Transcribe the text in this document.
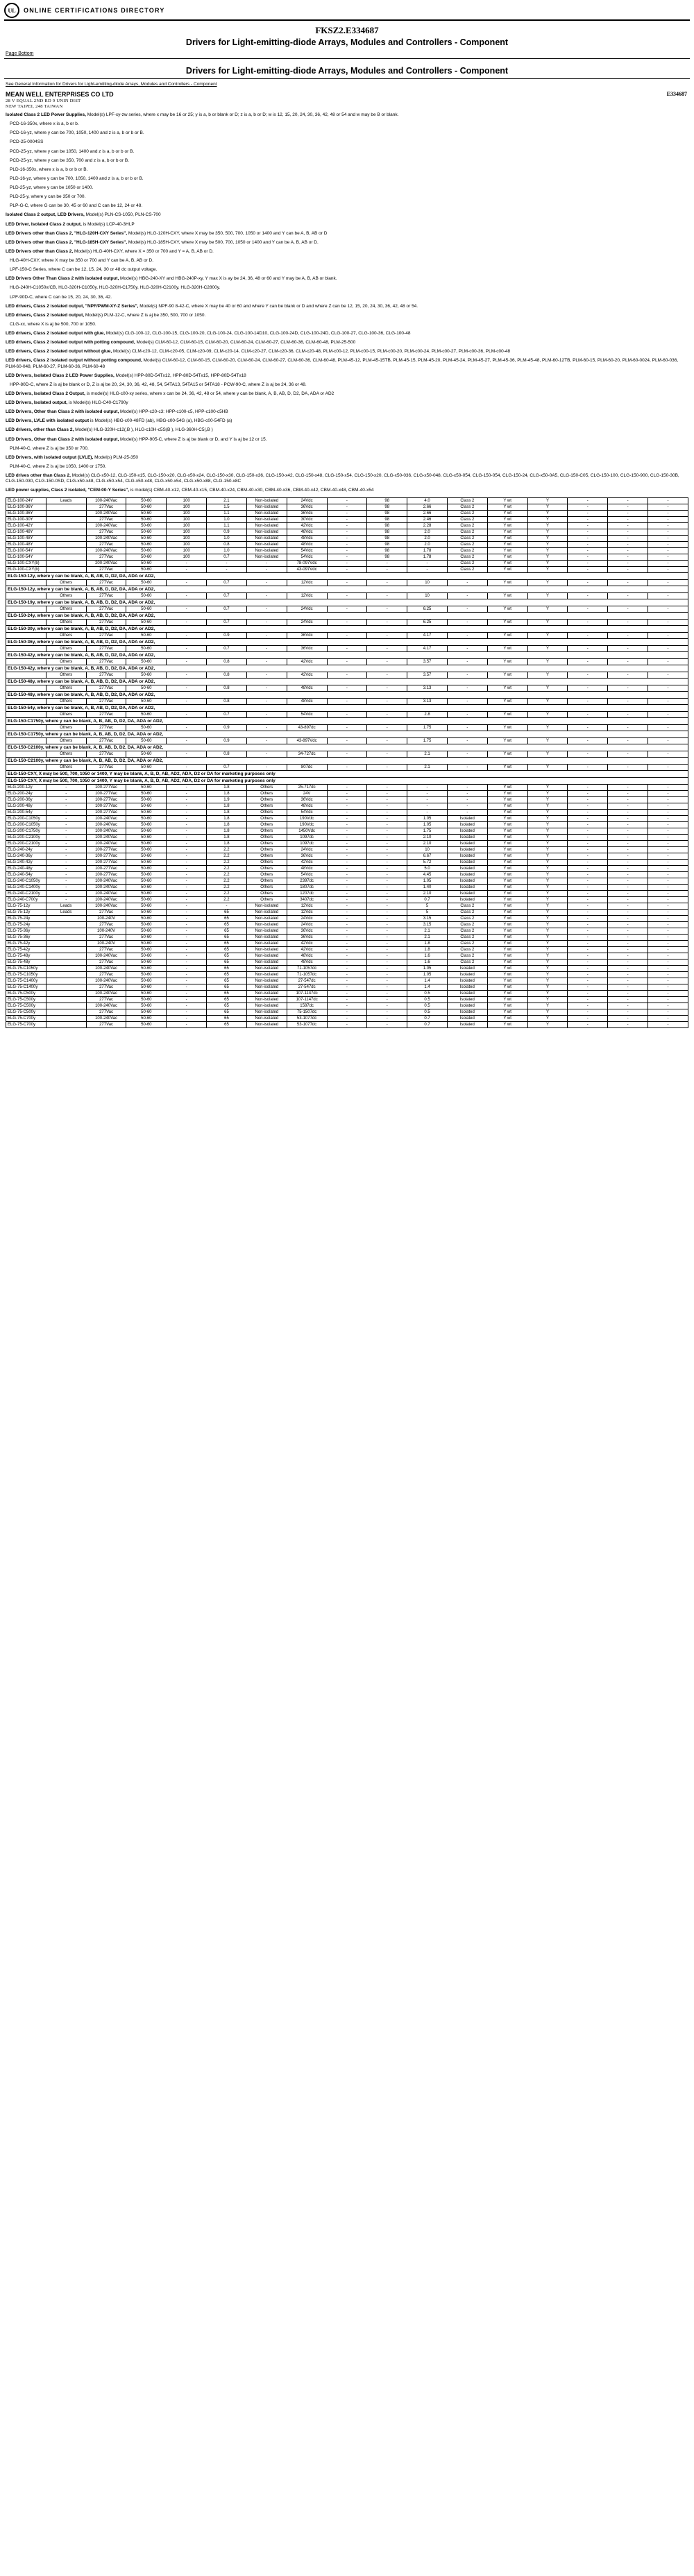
UL	ONLINE CERTIFICATIONS DIRECTORY
FKSZ2.E334687
Drivers for Light-emitting-diode Arrays, Modules and Controllers - Component
Page Bottom
Drivers for Light-emitting-diode Arrays, Modules and Controllers - Component
See General Information for Drivers for Light-emitting-diode Arrays, Modules and Controllers - Component
E334687
MEAN WELL ENTERPRISES CO LTD
28 V EQUAL 2ND RD 9 UNIN DIST
NEW TAIPEI, 248 TAIWAN
Isolated Class 2 LED Power Supplies, Model(s) LPF-xy-zw series, where x may be 16 or 25; y is a, b or blank or D; z is a, b or D; w is 12, 15, 20, 24, 30, 36, 42, 48 or 54 and w may be B or blank.
PCD-16-350x, where x is a, b or b.
PCD-16-yz, where y can be 700, 1050, 1400 and z is a, b or b or B.
PCD-25-0004SS
PCD-25-yz, where y can be 1050, 1400 and z is a, b or b or B.
PCD-25-yz, where y can be 350, 700 and z is a, b or b or B.
PLD-16-350x, where x is a, b or b or B.
PLD-16-yz, where y can be 700, 1050, 1400 and z is a, b or b or B.
PLD-25-yz, where y can be 1050 or 1400.
PLD-25-y, where y can be 350 or 700.
PLP-G-C, where G can be 30, 45 or 60 and C can be 12, 24 or 48.
Isolated Class 2 output, LED Drivers, Model(s) PLN-CS-1050, PLN-CS-700
LED Driver, Isolated Class 2 output, is Model(s) LCP-40-3HLP
LED Drivers other than Class 2, "HLG-120H-CXY Series", Model(s) HLG-120H-CXY, where X may be 350, 500, 700, 1050 or 1400 and Y can be A, B, AB or D
LED Drivers other than Class 2, "HLG-185H-CXY Series", Model(s) HLG-185H-CXY, where X may be 500, 700, 1050 or 1400 and Y can be A, B, AB or D.
LED Drivers other than Class 2, Model(s) HLG-40H-CXY, where X = 350 or 700 and Y = A, B, AB or D.
HLG-40H-CXY, where X may be 350 or 700 and Y can be A, B, AB or D.
LPF-150-C Series, where C can be 12, 15, 24, 30 or 48 dc output voltage.
LED Drivers Other Than Class 2 with isolated output, Model(s) HBG-240-XY and HBG-240P-xy, Y max X is ay be 24, 36, 48 or 60 and Y may be A, B, AB or blank.
HLG-240H-C1050x/CB, HLG-320H-C1050y, HLG-320H-C1750y, HLG-320H-C2100y, HLG-320H-C2800y.
LPF-90D-C, where C can be 15, 20, 24, 30, 36, 42.
LED drivers, Class 2 isolated output, "NPF/PWM-XY-Z Series", Model(s) NPF-90 8-42-C, where X may be 40 or 60 and where Y can be blank or D and where Z can be 12, 15, 20, 24, 30, 36, 42, 48 or 54.
LED drivers, Class 2 isolated output, Model(s) PLM-12-C, where Z is aj be 350, 500, 700 or 1050.
CLG-xx, where X is aj be 500, 700 or 1050.
LED drivers, Class 2 isolated output with glue, Model(s) CLG-100-12, CLG-100-15, CLG-100-20, CLG-100-24, CLG-100-14D10, CLG-100-24D, CLG-100-24D, CLG-100-27, CLG-100-36, CLG-100-48
LED drivers, Class 2 isolated output with potting compound, Model(s) CLM-60-12, CLM-60-15, CLM-60-20, CLM-60-24, CLM-60-27, CLM-60-36, CLM-60-48, PLM-25-500
LED drivers, Class 2 isolated output without glue, Model(s) CLM-c20-12, CLM-c20-05, CLM-c20-09, CLM-c20-14, CLM-c20-27, CLM-c20-36, CLM-c20-48, PLM-c00-12, PLM-c00-15, PLM-c00-20, PLM-c00-24, PLM-c00-27, PLM-c00-36, PLM-c00-48
LED drivers, Class 2 isolated output without potting compound, Model(s) CLM-60-12, CLM-60-15, CLM-60-20, CLM-60-24, CLM-60-27, CLM-60-36, CLM-60-48, PLM-45-12, PLM-45-15TB, PLM-45-15, PLM-45-20, PLM-45-24, PLM-45-27, PLM-45-36, PLM-45-48, PLM-60-12TB, PLM-60-15, PLM-60-20, PLM-60-0024, PLM-60-036, PLM-60-048, PLM-60-27, PLM-60-36, PLM-60-48
LED Drivers, Isolated Class 2 LED Power Supplies, Model(s) HPP-80D-54Tx12, HPP-80D-54Tx15, HPP-80D-54Tx18
HPP-80D-C, where Z is aj be blank or D, Z is aj be 20, 24, 30, 36, 42, 48, 54, 54TA13, 54TA15 or 54TA18 - PCW-90-C, where Z is aj be 24, 36 or 48.
LED Drivers, Isolated Class 2 Output, is model(s) HLG-c00-xy series, where x can be 24, 36, 42, 48 or 54, where y can be blank, A, B, AB, D, D2, DA, ADA or AD2
LED Drivers, Isolated output, is Model(s) HLG-C40-C1790y
LED Drivers, Other than Class 2 with isolated output, Model(s) HPP-c20-c3: HPP-c100-c5, HPP-c100-c5HB
LED Drivers, LVLE with isolated output is Model(s) HBG-c00-48FD (ab), HBG-c00-54G (a), HBG-c00-54FD (a)
LED drivers, other than Class 2, Model(s) HLG-320H-c12(,B ), HLG-c10H-c5S(B ), HLG-360H-C5(,B )
LED Drivers, Other than Class 2 with isolated output, Model(s) HPP-905-C, where Z is aj be blank or D, and Y is aj be 12 or 15.
PLM-40-C, where Z is aj be 350 or 700.
LED Drivers, with isolated output (LVLE), Model(s) PLM-25-350
PLM-40-C, where Z is aj be 1050, 1400 or 1750.
LED drives other than Class 2, Model(s) CLG-x50-12, CLG-150-x15, CLG-150-x20, CLG-x50-x24, CLG-150-x30, CLG-150-x36, CLG-150-x42, CLG-150-x48, CLG-150-x54, CLG-150-x20, CLG-x50-036, CLG-x50-048, CLG-x50-054, CLG-150-054, CLG-150-24, CLG-x50-0A5, CLG-150-C05, CLG-150-100, CLG-150-900, CLG-150-30B, CLG-150-030, CLG-150-0SD, CLG-x50-x48, CLG-x50-x54, CLG-x50-x48, CLG-x50-x54, CLG-x50-x88, CLG-150-x8C
LED power supplies, Class 2 isolated, "CEM-00-Y Series", is model(s) CBM-40-x12, CBM-40-x15, CBM-40-x24, CBM-40-x30, CBM-40-x36, CBM-40-x42, CBM-40-x48, CBM-40-x54
ELG-100-24Y	Leads	100-240Vac	50-60	100	2.1	Non-isolated	24Vdc	-	98	4.0	Class 2	Y wt	Y	-	-	-
ELG-100-36Y		277Vac	50-60	100	1.5	Non-isolated	36Vdc	-	98	2.66	Class 2	Y wt	Y	-	-	-
ELG-100-36Y		100-240Vac	50-60	100	1.1	Non-isolated	36Vdc	-	98	2.66	Class 2	Y wt	Y	-	-	-
ELG-100-30Y		277Vac	50-60	100	1.0	Non-isolated	30Vdc	-	98	2.46	Class 2	Y wt	Y	-	-	-
ELG-100-42Y		100-240Vac	50-60	100	1.1	Non-isolated	42Vdc	-	98	2.28	Class 2	Y wt	Y	-	-	-
ELG-100-48Y		277Vac	50-60	100	0.9	Non-isolated	48Vdc	-	98	2.0	Class 2	Y wt	Y	-	-	-
ELG-100-48Y		100-240Vac	50-60	100	1.0	Non-isolated	48Vdc	-	98	2.0	Class 2	Y wt	Y	-	-	-
ELG-100-48Y		277Vac	50-60	100	0.8	Non-isolated	48Vdc	-	98	2.0	Class 2	Y wt	Y	-	-	-
ELG-100-54Y		100-240Vac	50-60	100	1.0	Non-isolated	54Vdc	-	98	1.78	Class 2	Y wt	Y	-	-	-
ELG-100-54Y		277Vac	50-60	100	0.7	Non-isolated	54Vdc	-	98	1.78	Class 2	Y wt	Y	-	-	-
ELG-100-CXY(b)		200-240Vac	50-60	-	-	-	78-097Vdc	-	-	-	Class 2	Y wt	Y	-	-	-
ELG-100-CXY(b)		277Vac	50-60	-	-	-	43-097Vdc	-	-	-	Class 2	Y wt	Y	-	-	-
ELG-150-12y, where y can be blank, A, B, AB, D, D2, DA, ADA or AD2,																
	Others	277Vac	50-60	-	0.7	-	12Vdc	-	-	10	-	Y wt	Y	-	-	-
ELG-150-12y, where y can be blank, A, B, AB, D, D2, DA, ADA or AD2,																
	Others	277Vac	50-60	-	0.7	-	12Vdc	-	-	10	-	Y wt	Y	-	-	-
ELG-150-19y, where y can be blank, A, B, AB, D, D2, DA, ADA or AD2,																
	Others	277Vac	50-60	-	0.7	-	24Vdc	-	-	6.25	-	Y wt	Y	-	-	-
ELG-150-24y, where y can be blank, A, B, AB, D, D2, DA, ADA or AD2,																
	Others	277Vac	50-60	-	0.7	-	24Vdc	-	-	6.25	-	Y wt	Y	-	-	-
ELG-150-30y, where y can be blank, A, B, AB, D, D2, DA, ADA or AD2,																
	Others	277Vac	50-60	-	0.9	-	36Vdc	-	-	4.17	-	Y wt	Y	-	-	-
ELG-150-36y, where y can be blank, A, B, AB, D, D2, DA, ADA or AD2,																
	Others	277Vac	50-60	-	0.7	-	36Vdc	-	-	4.17	-	Y wt	Y	-	-	-
ELG-150-42y, where y can be blank, A, B, AB, D, D2, DA, ADA or AD2,																
	Others	277Vac	50-60	-	0.8	-	42Vdc	-	-	3.57	-	Y wt	Y	-	-	-
ELG-150-42y, where y can be blank, A, B, AB, D, D2, DA, ADA or AD2,																
	Others	277Vac	50-60	-	0.8	-	42Vdc	-	-	3.57	-	Y wt	Y	-	-	-
ELG-150-48y, where y can be blank, A, B, AB, D, D2, DA, ADA or AD2,																
	Others	277Vac	50-60	-	0.8	-	48Vdc	-	-	3.13	-	Y wt	Y	-	-	-
ELG-150-48y, where y can be blank, A, B, AB, D, D2, DA, ADA or AD2,																
	Others	277Vac	50-60	-	0.8	-	48Vdc	-	-	3.13	-	Y wt	Y	-	-	-
ELG-150-54y, where y can be blank, A, B, AB, D, D2, DA, ADA or AD2,																
	Others	277Vac	50-60	-	0.7	-	54Vdc	-	-	2.8	-	Y wt	Y	-	-	-
ELG-150-C1750y, where y can be blank, A, B, AB, D, D2, DA, ADA or AD2,																
	Others	277Vac	50-60	-	0.9	-	43-897dc	-	-	1.75	-	Y wt	Y	-	-	-
ELG-150-C1750y, where y can be blank, A, B, AB, D, D2, DA, ADA or AD2,																
	Others	277Vac	50-60	-	0.9	-	43-897Vdc	-	-	1.75	-	Y wt	Y	-	-	-
ELG-150-C2100y, where y can be blank, A, B, AB, D, D2, DA, ADA or AD2,																
	Others	277Vac	50-60	-	0.8	-	34-727dc	-	-	2.1	-	Y wt	Y	-	-	-
ELG-150-C2100y, where y can be blank, A, B, AB, D, D2, DA, ADA or AD2,																
	Others	277Vac	50-60	-	0.7	-	807dc	-	-	2.1	-	Y wt	Y	-	-	-
ELG-150-CXY, X may be 500, 700, 1050 or 1400, Y may be blank, A, B, D, AB, AD2, ADA, D2 or DA for marketing purposes only																
ELG-150-CXY, X may be 500, 700, 1050 or 1400, Y may be blank, A, B, D, AB, AD2, ADA, D2 or DA for marketing purposes only																
ELG-200-12y	-	100-277Vac	50-60	-	1.8	Others	25-717dc	-	-	-	-	Y wt	Y	-	-	-
ELG-200-24y	-	100-277Vac	50-60	-	1.8	Others	24V	-	-	-	-	Y wt	Y	-	-	-
ELG-200-36y	-	100-277Vac	50-60	-	1.9	Others	36Vdc	-	-	-	-	Y wt	Y	-	-	-
ELG-200-48y	-	100-277Vac	50-60	-	1.8	Others	48Vdc	-	-	-	-	Y wt	Y	-	-	-
ELG-200-54y	-	100-277Vac	50-60	-	1.8	Others	54Vdc	-	-	-	-	Y wt	Y	-	-	-
ELG-200-C1050y	-	100-240Vac	50-60	-	1.8	Others	190Vdc	-	-	1.05	Isolated	Y wt	Y	-	-	-
ELG-200-C1050y	-	100-240Vac	50-60	-	1.8	Others	190Vdc	-	-	1.05	Isolated	Y wt	Y	-	-	-
ELG-200-C1750y	-	100-240Vac	50-60	-	1.8	Others	1450Vdc	-	-	1.75	Isolated	Y wt	Y	-	-	-
ELG-200-C2100y	-	100-240Vac	50-60	-	1.8	Others	1097dc	-	-	2.10	Isolated	Y wt	Y	-	-	-
ELG-200-C2100y	-	100-240Vac	50-60	-	1.8	Others	1097dc	-	-	2.10	Isolated	Y wt	Y	-	-	-
ELG-240-24y	-	100-277Vac	50-60	-	2.2	Others	24Vdc	-	-	10	Isolated	Y wt	Y	-	-	-
ELG-240-36y	-	100-277Vac	50-60	-	2.2	Others	36Vdc	-	-	6.67	Isolated	Y wt	Y	-	-	-
ELG-240-42y	-	100-277Vac	50-60	-	2.2	Others	42Vdc	-	-	5.72	Isolated	Y wt	Y	-	-	-
ELG-240-48y	-	100-277Vac	50-60	-	2.2	Others	48Vdc	-	-	5.0	Isolated	Y wt	Y	-	-	-
ELG-240-54y	-	100-277Vac	50-60	-	2.2	Others	54Vdc	-	-	4.45	Isolated	Y wt	Y	-	-	-
ELG-240-C1050y	-	100-240Vac	50-60	-	2.2	Others	2397dc	-	-	1.05	Isolated	Y wt	Y	-	-	-
ELG-240-C1400y	-	100-240Vac	50-60	-	2.2	Others	1807dc	-	-	1.40	Isolated	Y wt	Y	-	-	-
ELG-240-C2100y	-	100-240Vac	50-60	-	2.2	Others	1207dc	-	-	2.10	Isolated	Y wt	Y	-	-	-
ELG-240-C700y	-	100-240Vac	50-60	-	2.2	Others	3407dc	-	-	0.7	Isolated	Y wt	Y	-	-	-
ELG-75-12y	Leads	100-240Vac	50-60	-	-	Non-isolated	12Vdc	-	-	5	Class 2	Y wt	Y	-	-	-
ELG-75-12y	Leads	277Vac	50-60	-	65	Non-isolated	12Vdc	-	-	5	Class 2	Y wt	Y	-	-	-
ELG-75-24y		100-240V	50-60	-	65	Non-isolated	24Vdc	-	-	3.15	Class 2	Y wt	Y	-	-	-
ELG-75-24y		277Vac	50-60	-	65	Non-isolated	24Vdc	-	-	3.15	Class 2	Y wt	Y	-	-	-
ELG-75-36y		100-240V	50-60	-	65	Non-isolated	36Vdc	-	-	2.1	Class 2	Y wt	Y	-	-	-
ELG-75-36y		277Vac	50-60	-	65	Non-isolated	36Vdc	-	-	2.1	Class 2	Y wt	Y	-	-	-
ELG-75-42y		100-240V	50-60	-	65	Non-isolated	42Vdc	-	-	1.8	Class 2	Y wt	Y	-	-	-
ELG-75-42y		277Vac	50-60	-	65	Non-isolated	42Vdc	-	-	1.8	Class 2	Y wt	Y	-	-	-
ELG-75-48y		100-240Vac	50-60	-	65	Non-isolated	48Vdc	-	-	1.6	Class 2	Y wt	Y	-	-	-
ELG-75-48y		277Vac	50-60	-	65	Non-isolated	48Vdc	-	-	1.6	Class 2	Y wt	Y	-	-	-
ELG-75-C1050y		100-240Vac	50-60	-	65	Non-isolated	71-1057dc	-	-	1.05	Isolated	Y wt	Y	-	-	-
ELG-75-C1050y		277Vac	50-60	-	65	Non-isolated	71-1057dc	-	-	1.05	Isolated	Y wt	Y	-	-	-
ELG-75-C1400y		100-240Vac	50-60	-	65	Non-isolated	27-547dc	-	-	1.4	Isolated	Y wt	Y	-	-	-
ELG-75-C1400y		277Vac	50-60	-	65	Non-isolated	27-547dc	-	-	1.4	Isolated	Y wt	Y	-	-	-
ELG-75-C500y		100-240Vac	50-60	-	65	Non-isolated	107-1147dc	-	-	0.5	Isolated	Y wt	Y	-	-	-
ELG-75-C500y		277Vac	50-60	-	65	Non-isolated	107-1147dc	-	-	0.5	Isolated	Y wt	Y	-	-	-
ELG-75-C500y		100-240Vac	50-60	-	65	Non-isolated	1587dc	-	-	0.5	Isolated	Y wt	Y	-	-	-
ELG-75-C500y		277Vac	50-60	-	65	Non-isolated	75-1507dc	-	-	0.5	Isolated	Y wt	Y	-	-	-
ELG-75-C700y		100-240Vac	50-60	-	65	Non-isolated	53-1077dc	-	-	0.7	Isolated	Y wt	Y	-	-	-
ELG-75-C700y		277Vac	50-60	-	65	Non-isolated	53-1077dc	-	-	0.7	Isolated	Y wt	Y	-	-	-
